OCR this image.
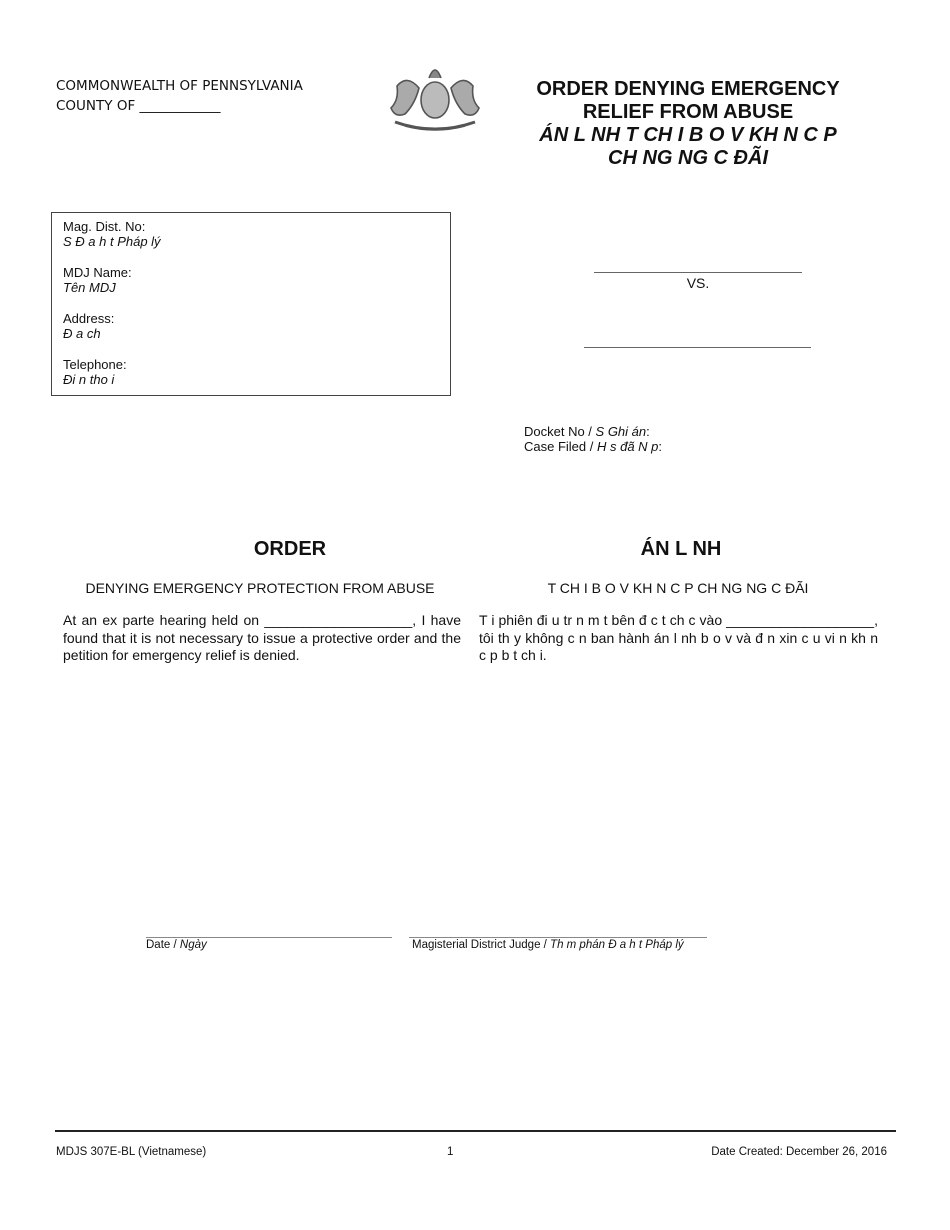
COMMONWEALTH OF PENNSYLVANIA
COUNTY OF ____________
ORDER DENYING EMERGENCY
RELIEF FROM ABUSE
ÁN L NH T CH I B O V KH N C P
CH NG NG C ĐÃI
Mag. Dist. No:
S Đ a h t Pháp lý
MDJ Name:
Tên MDJ
Address:
Đ a ch
Telephone:
Đi n tho i
VS.
Docket No / S Ghi án:
Case Filed / H s đã N p:
ORDER	ÁN L NH
DENYING EMERGENCY PROTECTION FROM ABUSE	T CH I B O V KH N C P CH NG NG C ĐÃI
At an ex parte hearing held on ___________________, I have found that it is not necessary to issue a protective order and the petition for emergency relief is denied.
T i phiên đi u tr n m t bên đ c t ch c vào ___________________, tôi th y không c n ban hành án l nh b o v và đ n xin c u vi n kh n c p b t ch i.
Date / Ngày	Magisterial District Judge / Th m phán Đ a h t Pháp lý
MDJS 307E-BL (Vietnamese)	1	Date Created: December 26, 2016
